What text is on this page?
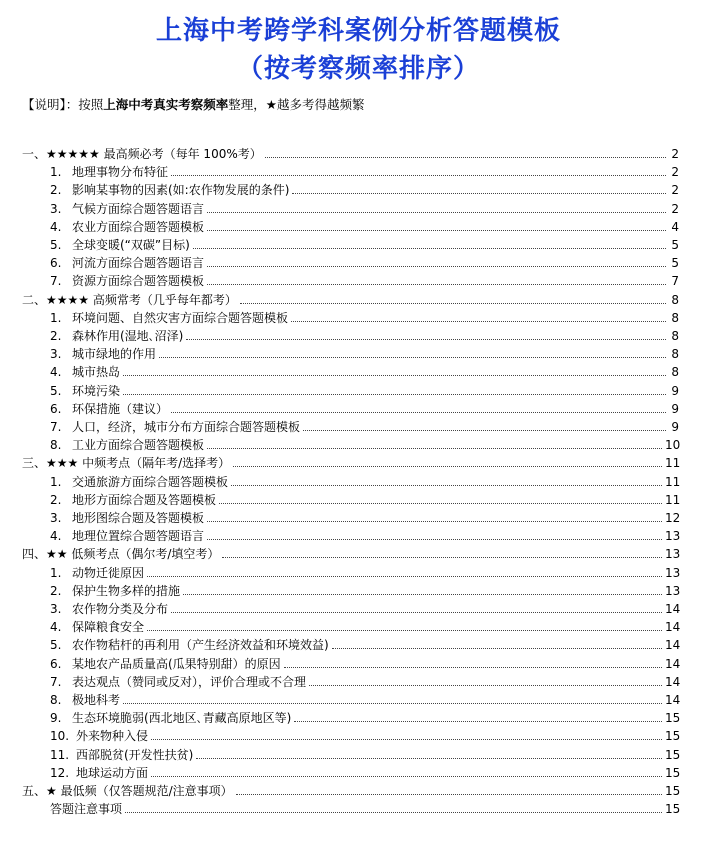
上海中考跨学科案例分析答题模板
（按考察频率排序）
【说明】：按照上海中考真实考察频率整理，★越多考得越频繁
一、 ★★★★★ 最高频必考（每年 100%考）	2
1. 地理事物分布特征	2
2. 影响某事物的因素(如:农作物发展的条件)	2
3. 气候方面综合题答题语言	2
4. 农业方面综合题答题模板	4
5. 全球变暖(“双碳”目标)	5
6. 河流方面综合题答题语言	5
7. 资源方面综合题答题模板	7
二、 ★★★★ 高频常考（几乎每年都考）	8
1. 环境问题、自然灾害方面综合题答题模板	8
2. 森林作用(湿地､沼泽)	8
3. 城市绿地的作用	8
4. 城市热岛	8
5. 环境污染	9
6. 环保措施（建议）	9
7. 人口，经济，城市分布方面综合题答题模板	9
8. 工业方面综合题答题模板	10
三、 ★★★ 中频考点（隔年考/选择考）	11
1. 交通旅游方面综合题答题模板	11
2. 地形方面综合题及答题模板	11
3. 地形图综合题及答题模板	12
4. 地理位置综合题答题语言	13
四、 ★★ 低频考点（偶尔考/填空考）	13
1. 动物迁徙原因	13
2. 保护生物多样的措施	13
3. 农作物分类及分布	14
4. 保障粮食安全	14
5. 农作物秸杆的再利用（产生经济效益和环境效益)	14
6. 某地农产品质量高(瓜果特别甜）的原因	14
7. 表达观点（赞同或反对），评价合理或不合理	14
8. 极地科考	14
9. 生态环境脆弱(西北地区､青藏高原地区等)	15
10. 外来物种入侵	15
11. 西部脱贫(开发性扶贫)	15
12. 地球运动方面	15
五、 ★ 最低频（仅答题规范/注意事项）	15
答题注意事项	15
